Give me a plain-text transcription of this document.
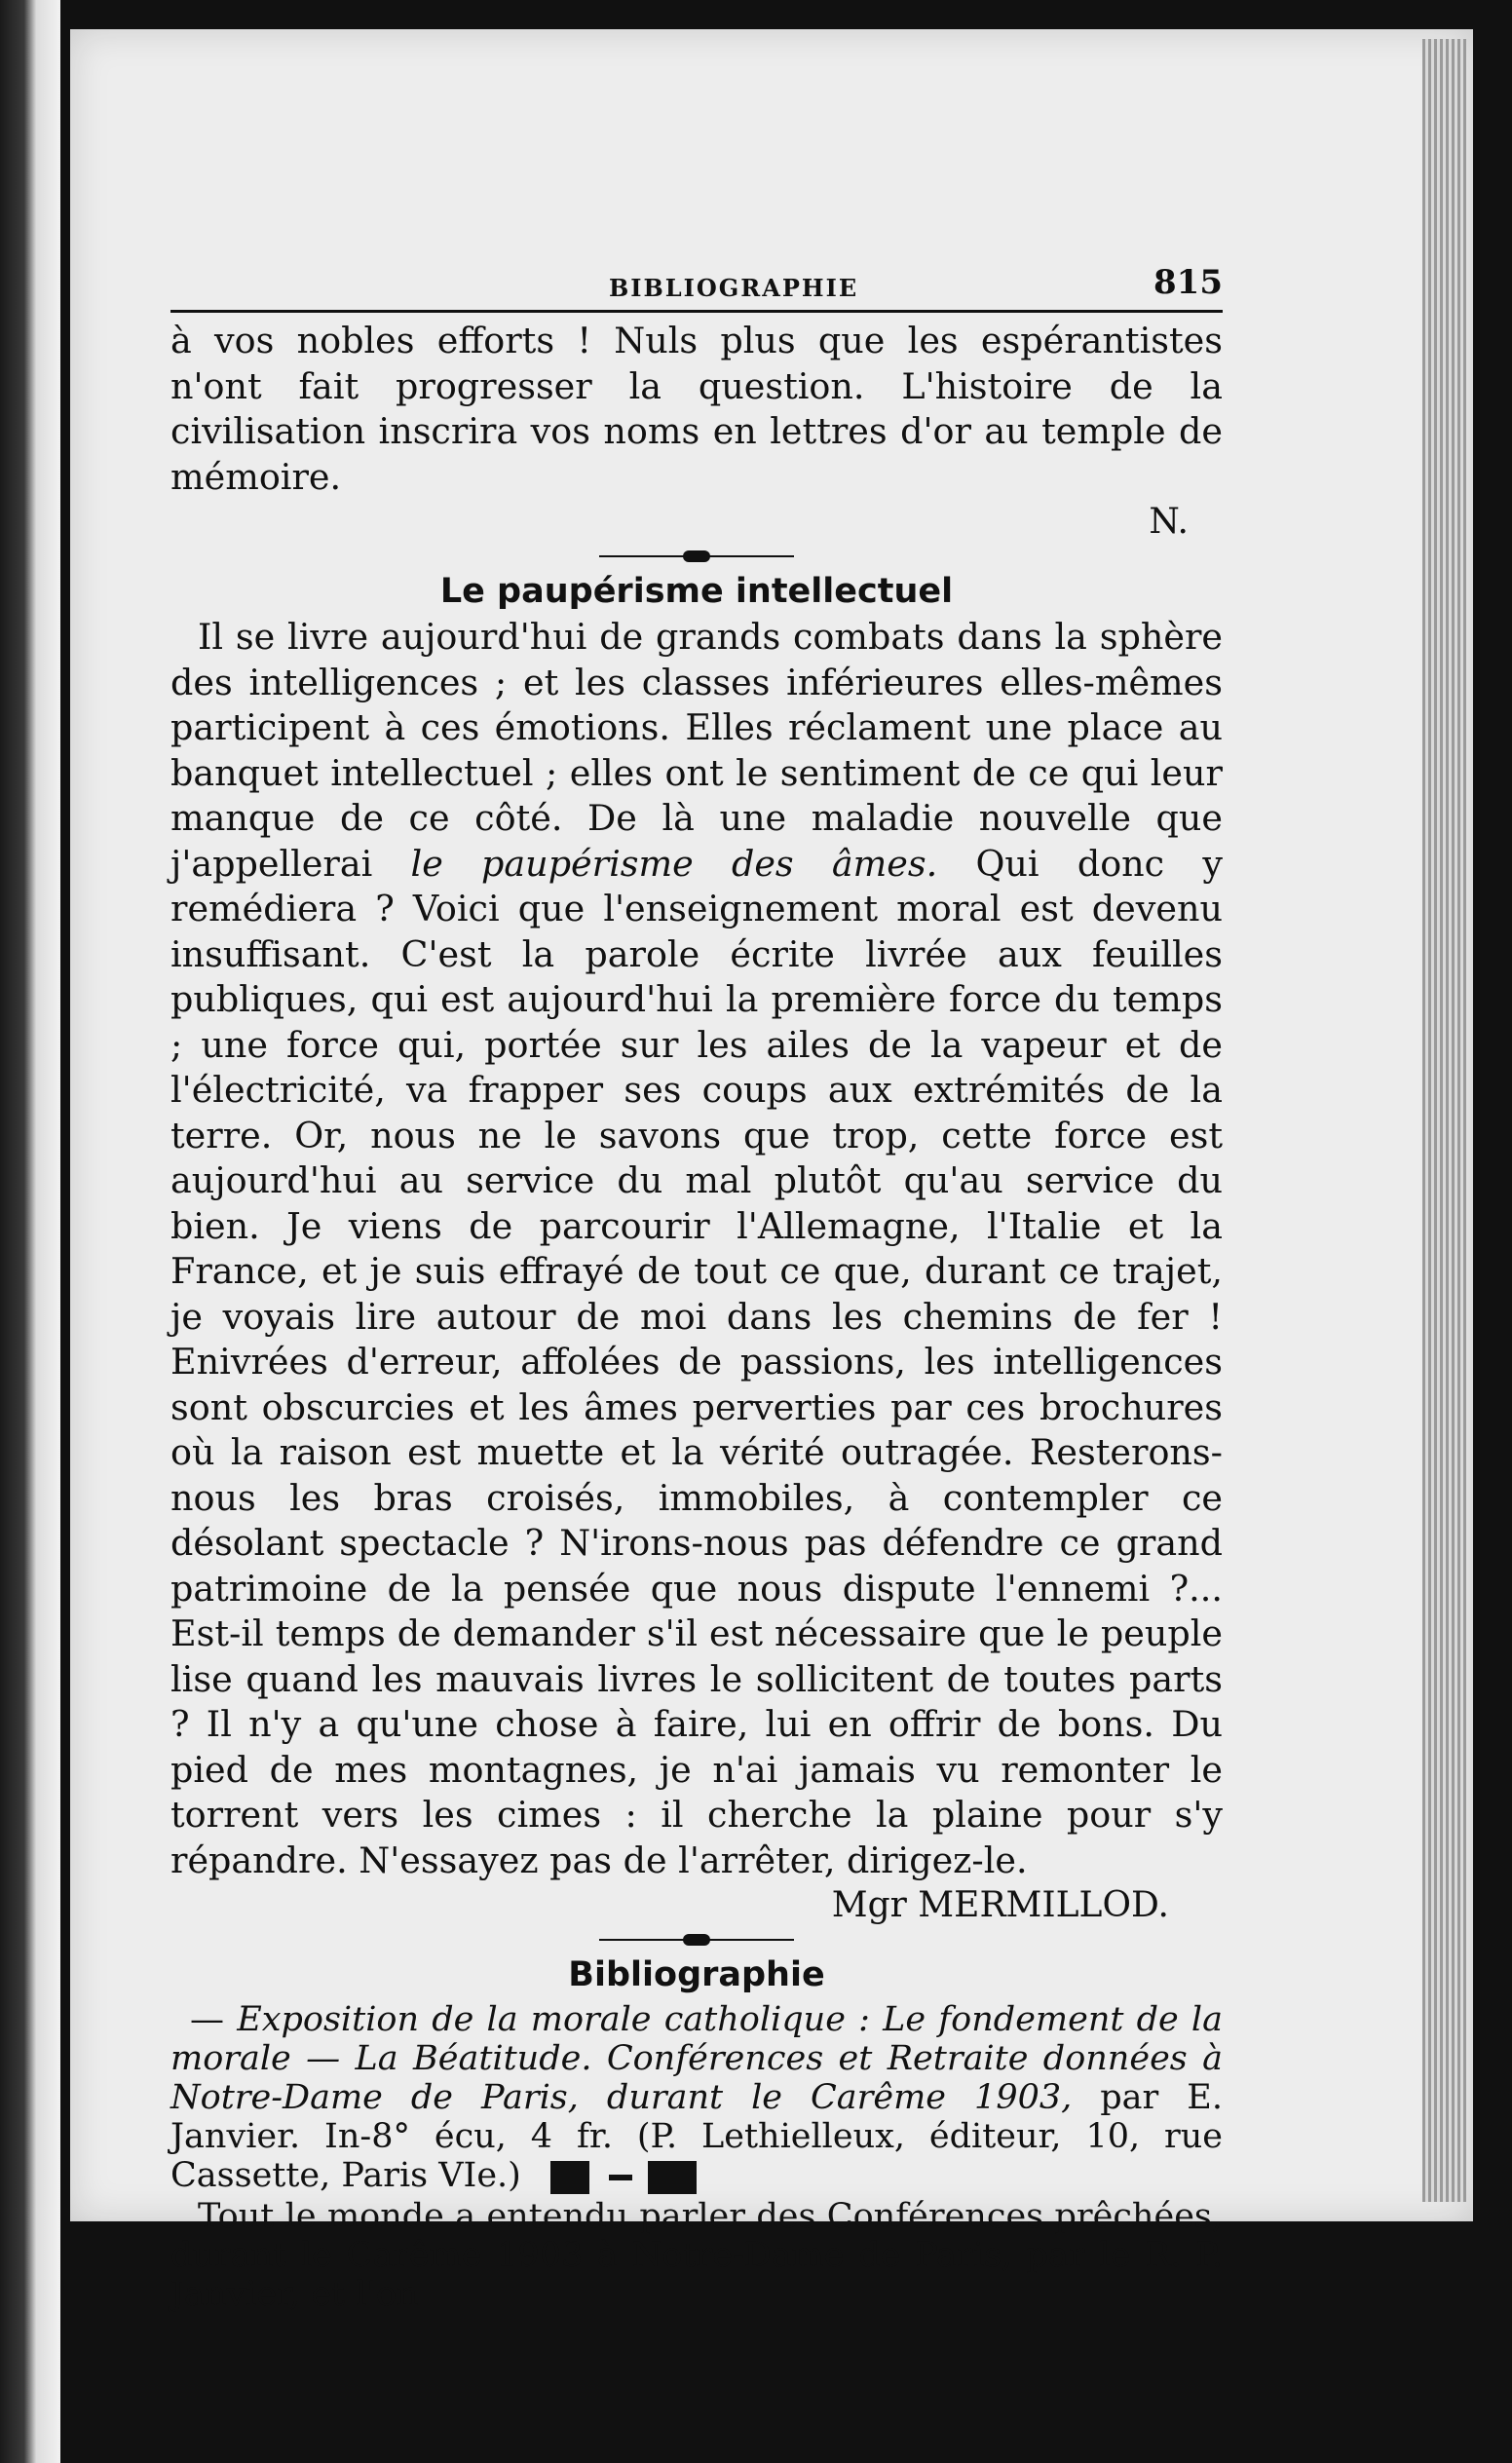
BIBLIOGRAPHIE	815

à vos nobles efforts ! Nuls plus que les espérantistes n'ont fait progresser la question. L'histoire de la civilisation inscrira vos noms en lettres d'or au temple de mémoire.

N.
Le paupérisme intellectuel

Il se livre aujourd'hui de grands combats dans la sphère des intelligences ; et les classes inférieures elles-mêmes participent à ces émotions. Elles réclament une place au banquet intellectuel ; elles ont le sentiment de ce qui leur manque de ce côté. De là une maladie nouvelle que j'appellerai le paupérisme des âmes. Qui donc y remédiera ? Voici que l'enseignement moral est devenu insuffisant. C'est la parole écrite livrée aux feuilles publiques, qui est aujourd'hui la première force du temps ; une force qui, portée sur les ailes de la vapeur et de l'électricité, va frapper ses coups aux extrémités de la terre. Or, nous ne le savons que trop, cette force est aujourd'hui au service du mal plutôt qu'au service du bien. Je viens de parcourir l'Allemagne, l'Italie et la France, et je suis effrayé de tout ce que, durant ce trajet, je voyais lire autour de moi dans les chemins de fer ! Enivrées d'erreur, affolées de passions, les intelligences sont obscurcies et les âmes perverties par ces brochures où la raison est muette et la vérité outragée. Resterons-nous les bras croisés, immobiles, à contempler ce désolant spectacle ? N'irons-nous pas défendre ce grand patrimoine de la pensée que nous dispute l'ennemi ?... Est-il temps de demander s'il est nécessaire que le peuple lise quand les mauvais livres le sollicitent de toutes parts ? Il n'y a qu'une chose à faire, lui en offrir de bons. Du pied de mes montagnes, je n'ai jamais vu remonter le torrent vers les cimes : il cherche la plaine pour s'y répandre. N'essayez pas de l'arrêter, dirigez-le.

Mgr MERMILLOD.
Bibliographie

— Exposition de la morale catholique : Le fondement de la morale — La Béatitude. Conférences et Retraite données à Notre-Dame de Paris, durant le Carême 1903, par E. Janvier. In-8° écu, 4 fr. (P. Lethielleux, éditeur, 10, rue Cassette, Paris VIe.)

Tout le monde a entendu parler des Conférences prêchées, durant le Carême 1903 à Notre-Dame de Paris, par le R. P. Janvier, et l'on
